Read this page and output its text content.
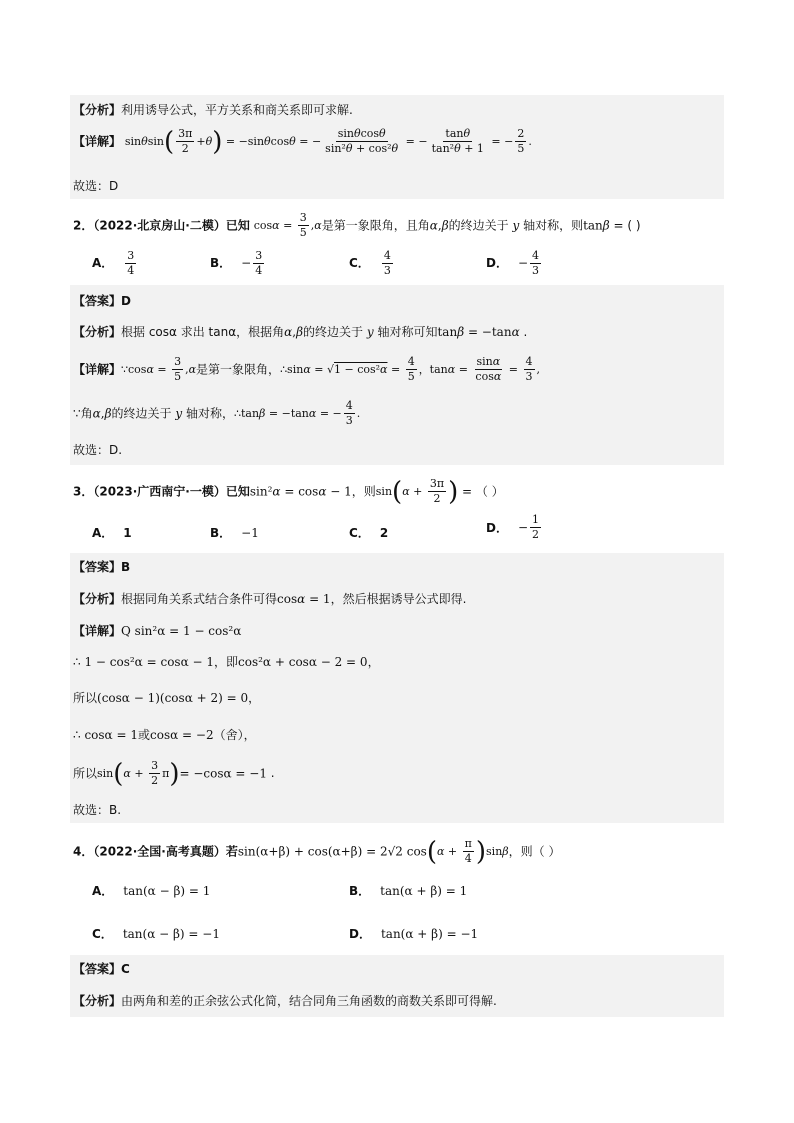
【分析】利用诱导公式，平方关系和商关系即可求解.
【详解】 $\sin\theta\sin( \frac{3\pi}{2} +\theta) = -\sin\theta\cos\theta$ = − $\frac{\sin\theta\cos\theta}{\text{sin²θ + cos²θ}}$ = − $\frac{\tan\theta}{\text{tan²θ + 1}}$ = − $\frac{2}{5}$ .
故选：D
2．（2022·北京房山·二模）已知 $\cos\alpha = \frac{3}{5} ,\alpha$是第一象限角，且角α,β的终边关于 y 轴对称，则tanβ = ( )
A． $\frac{3}{4}$	B． − $\frac{3}{4}$	C． $\frac{4}{3}$	D． − $\frac{4}{3}$
【答案】D
【分析】根据 cosα 求出 tanα，根据角α,β的终边关于 y 轴对称可知tanβ = −tanα .
【详解】∵cosα = $\frac{3}{5} ,\alpha$是第一象限角，∴sinα = $√1 - \cos^2\alpha = \frac{4}{5}$ ，$\tan\alpha = \frac{\sin\alpha}{\cos\alpha} = \frac{4}{3}$ ,
∵角α,β的终边关于 y 轴对称，∴tanβ = −tanα = − $\frac{4}{3}$ .
故选：D.
3．（2023·广西南宁·一模）已知sin²α = cosα − 1，则$\sin(\alpha + \frac{3\pi}{2}$ ) = （ ）
A． 1	B． −1	C． 2	D． − $\frac{1}{2}$
【答案】B
【分析】根据同角关系式结合条件可得cosα = 1，然后根据诱导公式即得.
【详解】Q sin²α = 1 − cos²α
∴ 1 − cos²α = cosα − 1，即cos²α + cosα − 2 = 0，
所以(cosα − 1)(cosα + 2) = 0，
∴ cosα = 1或cosα = −2（舍），
所以$\sin(\alpha + \frac{3}{2} \pi)= -\cos\alpha = -1$ .
故选：B.
4．（2022·全国·高考真题）若sin(α+β) + cos(α+β) = 2√2 $\cos(\alpha + \frac{\pi}{4} )\sin\beta$，则（ ）
A． tan(α − β) = 1	B． tan(α + β) = 1
C． tan(α − β) = −1	D． tan(α + β) = −1
【答案】C
【分析】由两角和差的正余弦公式化简，结合同角三角函数的商数关系即可得解.
